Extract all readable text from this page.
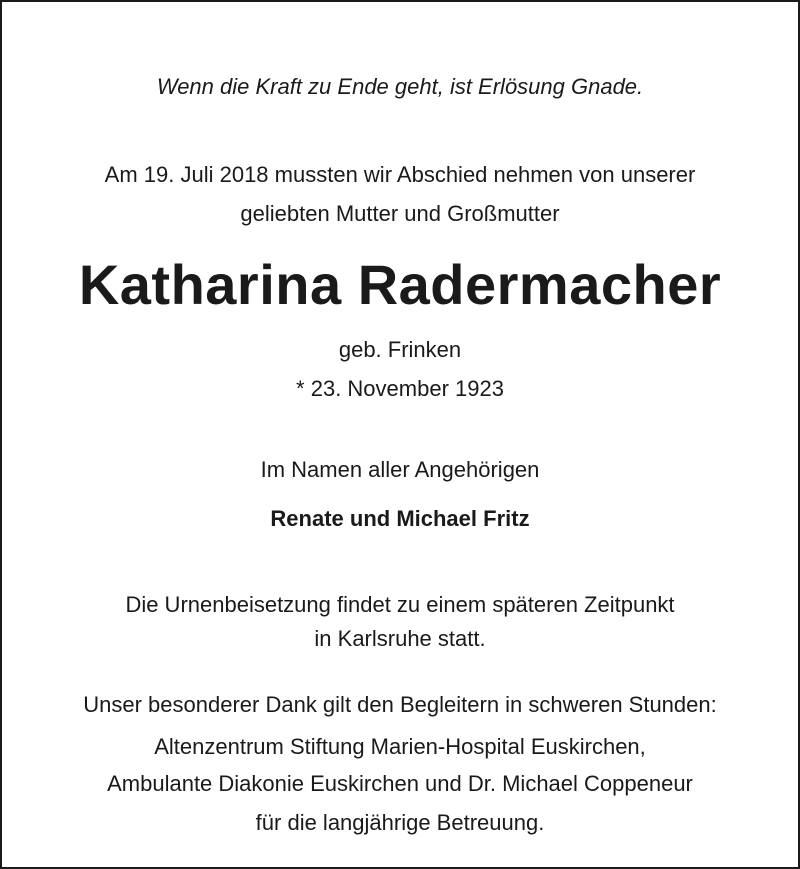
Wenn die Kraft zu Ende geht, ist Erlösung Gnade.

Am 19. Juli 2018 mussten wir Abschied nehmen von unserer

geliebten Mutter und Großmutter

Katharina Radermacher

geb. Frinken

* 23. November 1923

Im Namen aller Angehörigen

Renate und Michael Fritz

Die Urnenbeisetzung findet zu einem späteren Zeitpunkt

in Karlsruhe statt.

Unser besonderer Dank gilt den Begleitern in schweren Stunden:

Altenzentrum Stiftung Marien-Hospital Euskirchen,

Ambulante Diakonie Euskirchen und Dr. Michael Coppeneur

für die langjährige Betreuung.
